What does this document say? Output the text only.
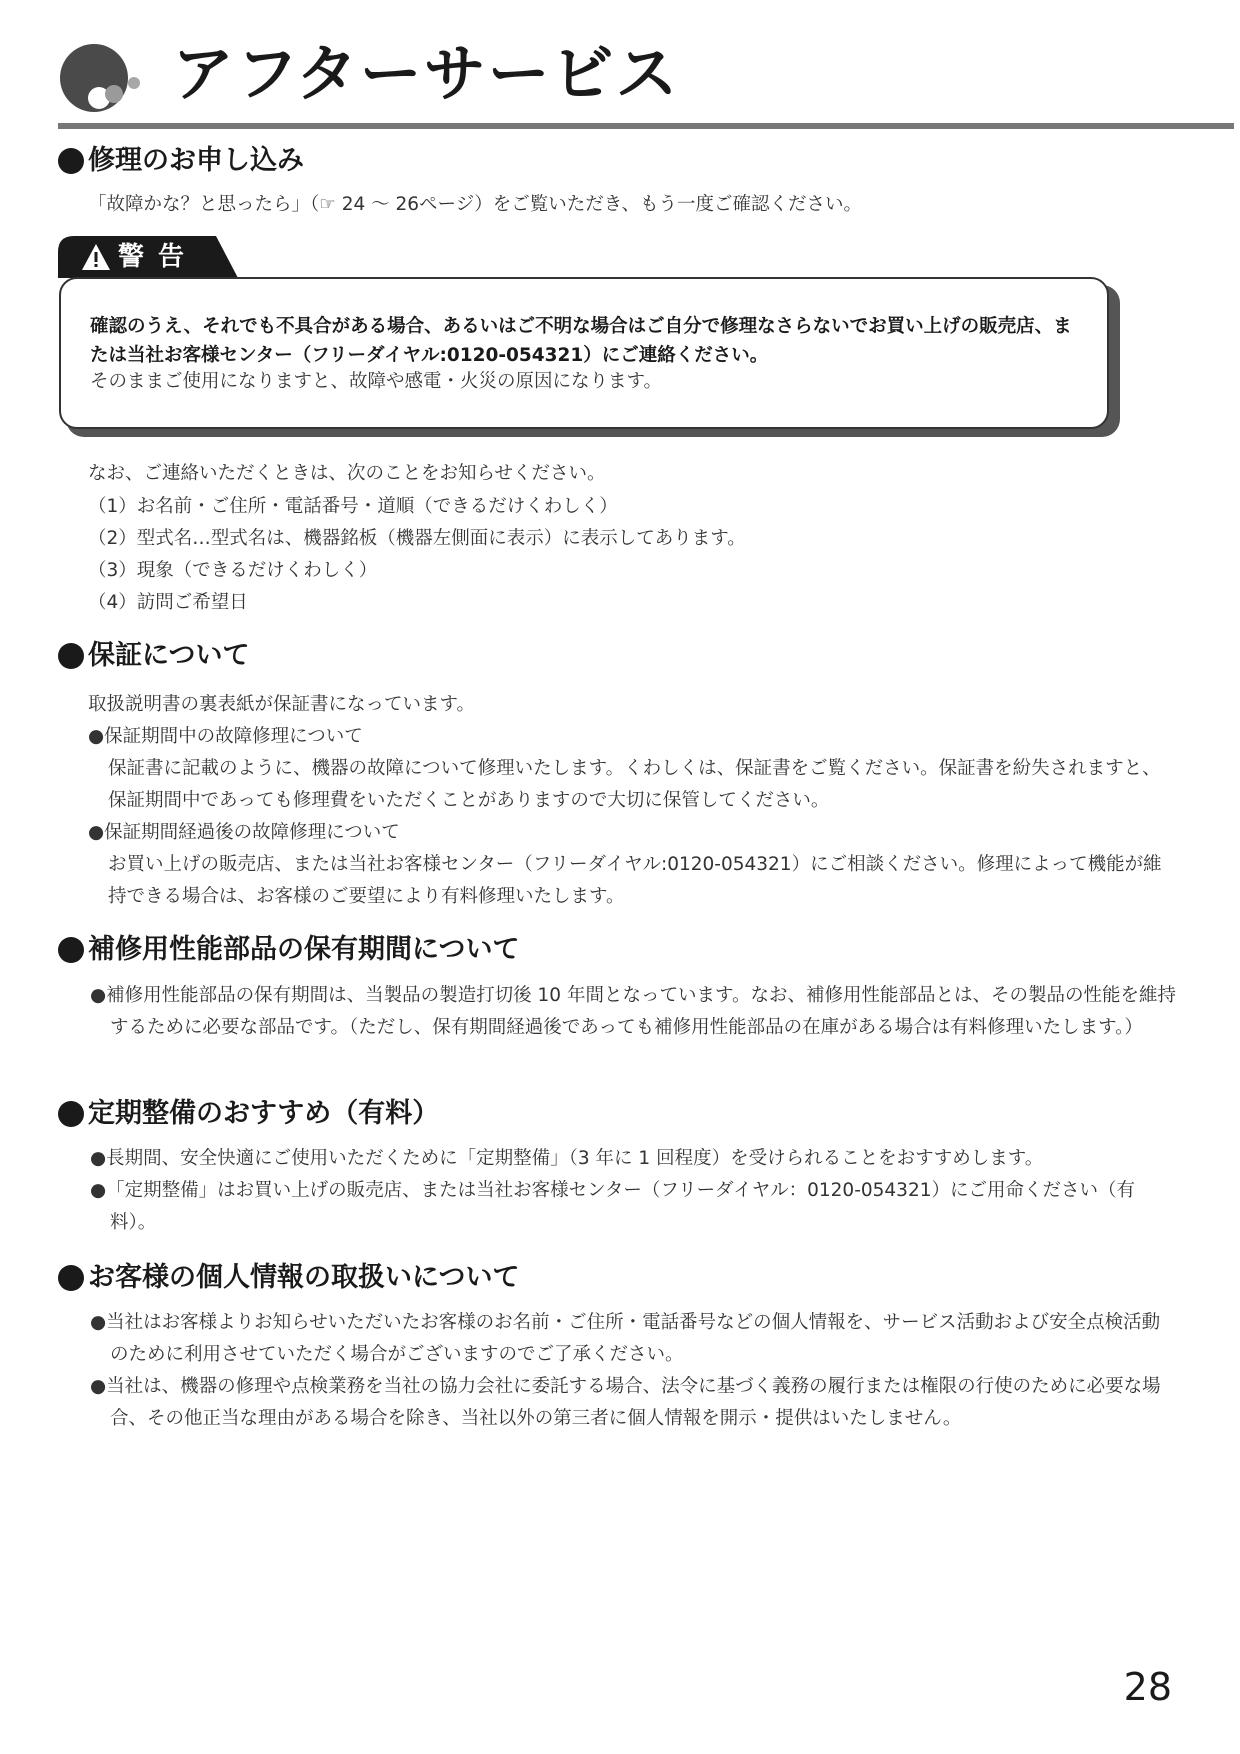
アフターサービス
修理のお申し込み
「故障かな？と思ったら」（☞ 24 ～ 26ページ）をご覧いただき、もう一度ご確認ください。
警告
確認のうえ、それでも不具合がある場合、あるいはご不明な場合はご自分で修理なさらないでお買い上げの販売店、または当社お客様センター（フリーダイヤル:0120-054321）にご連絡ください。
そのままご使用になりますと、故障や感電・火災の原因になります。
なお、ご連絡いただくときは、次のことをお知らせください。
（1）お名前・ご住所・電話番号・道順（できるだけくわしく）
（2）型式名…型式名は、機器銘板（機器左側面に表示）に表示してあります。
（3）現象（できるだけくわしく）
（4）訪問ご希望日
保証について
取扱説明書の裏表紙が保証書になっています。
●保証期間中の故障修理について
保証書に記載のように、機器の故障について修理いたします。くわしくは、保証書をご覧ください。保証書を紛失されますと、保証期間中であっても修理費をいただくことがありますので大切に保管してください。
●保証期間経過後の故障修理について
お買い上げの販売店、または当社お客様センター（フリーダイヤル:0120-054321）にご相談ください。修理によって機能が維持できる場合は、お客様のご要望により有料修理いたします。
補修用性能部品の保有期間について
●補修用性能部品の保有期間は、当製品の製造打切後 10 年間となっています。なお、補修用性能部品とは、その製品の性能を維持するために必要な部品です。（ただし、保有期間経過後であっても補修用性能部品の在庫がある場合は有料修理いたします。）
定期整備のおすすめ（有料）
●長期間、安全快適にご使用いただくために「定期整備」（3 年に 1 回程度）を受けられることをおすすめします。
●「定期整備」はお買い上げの販売店、または当社お客様センター（フリーダイヤル：0120-054321）にご用命ください（有料）。
お客様の個人情報の取扱いについて
●当社はお客様よりお知らせいただいたお客様のお名前・ご住所・電話番号などの個人情報を、サービス活動および安全点検活動のために利用させていただく場合がございますのでご了承ください。
●当社は、機器の修理や点検業務を当社の協力会社に委託する場合、法令に基づく義務の履行または権限の行使のために必要な場合、その他正当な理由がある場合を除き、当社以外の第三者に個人情報を開示・提供はいたしません。
28
